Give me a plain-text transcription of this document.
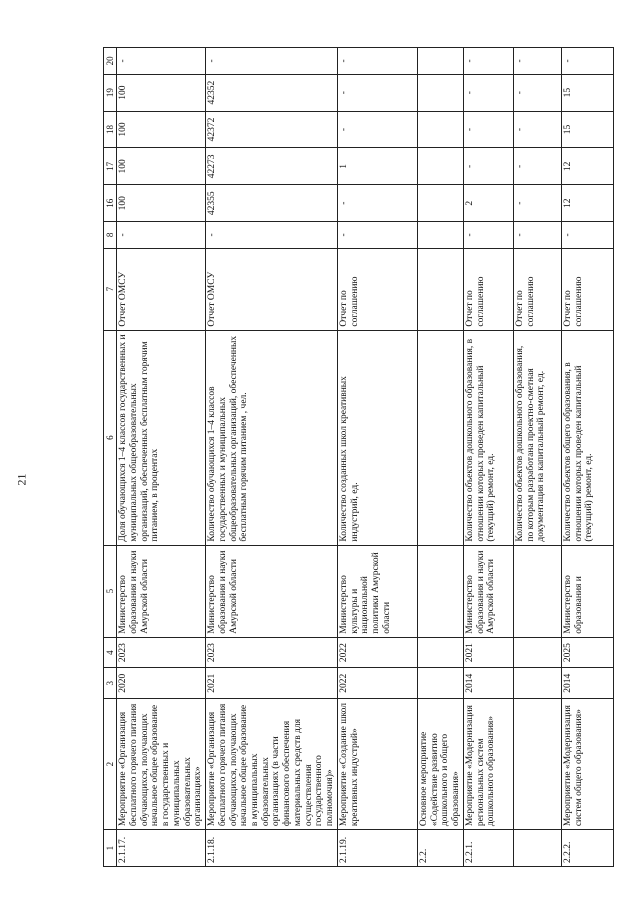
21
1	2	3	4	5	6	7	8	16	17	18	19	20
2.1.17.	Мероприятие «Организация бесплатного горячего питания обучающихся, получающих начальное общее образование в государственных и муниципальных образовательных организациях»	2020	2023	Министерство образования и науки Амурской области	Доля обучающихся 1–4 классов государственных и муниципальных общеобразовательных организаций, обеспеченных бесплатным горячим питанием, в процентах	Отчет ОМСУ	-	100	100	100	100	-
2.1.18.	Мероприятие «Организация бесплатного горячего питания обучающихся, получающих начальное общее образование в муниципальных образовательных организациях (в части финансового обеспечения материальных средств для осуществления государственного полномочия)»	2021	2023	Министерство образования и науки Амурской области	Количество обучающихся 1–4 классов государственных и муниципальных общеобразовательных организаций, обеспеченных бесплатным горячим питанием , чел.	Отчет ОМСУ	-	42355	42273	42372	42352	-
2.1.19.	Мероприятие «Создание школ креативных индустрий»	2022	2022	Министерство культуры и национальной политики Амурской области	Количество созданных школ креативных индустрий, ед.	Отчет по соглашению	-	-	1	-	-	-
2.2.	Основное мероприятие «Содействие развитию дошкольного и общего образования»											
2.2.1.	Мероприятие «Модернизация региональных систем дошкольного образования»	2014	2021	Министерство образования и науки Амурской области	Количество объектов дошкольного образования, в отношении которых проведен капитальный (текущий) ремонт, ед.	Отчет по соглашению	-	2	-	-	-	-
					Количество объектов дошкольного образования, по которым разработана проектно-сметная документация на капитальный ремонт, ед.	Отчет по соглашению	-	-	-	-	-	-
2.2.2.	Мероприятие «Модернизация систем общего образования»	2014	2025	Министерство образования и	Количество объектов общего образования, в отношении которых проведен капитальный (текущий) ремонт, ед.	Отчет по соглашению	-	12	12	15	15	-
